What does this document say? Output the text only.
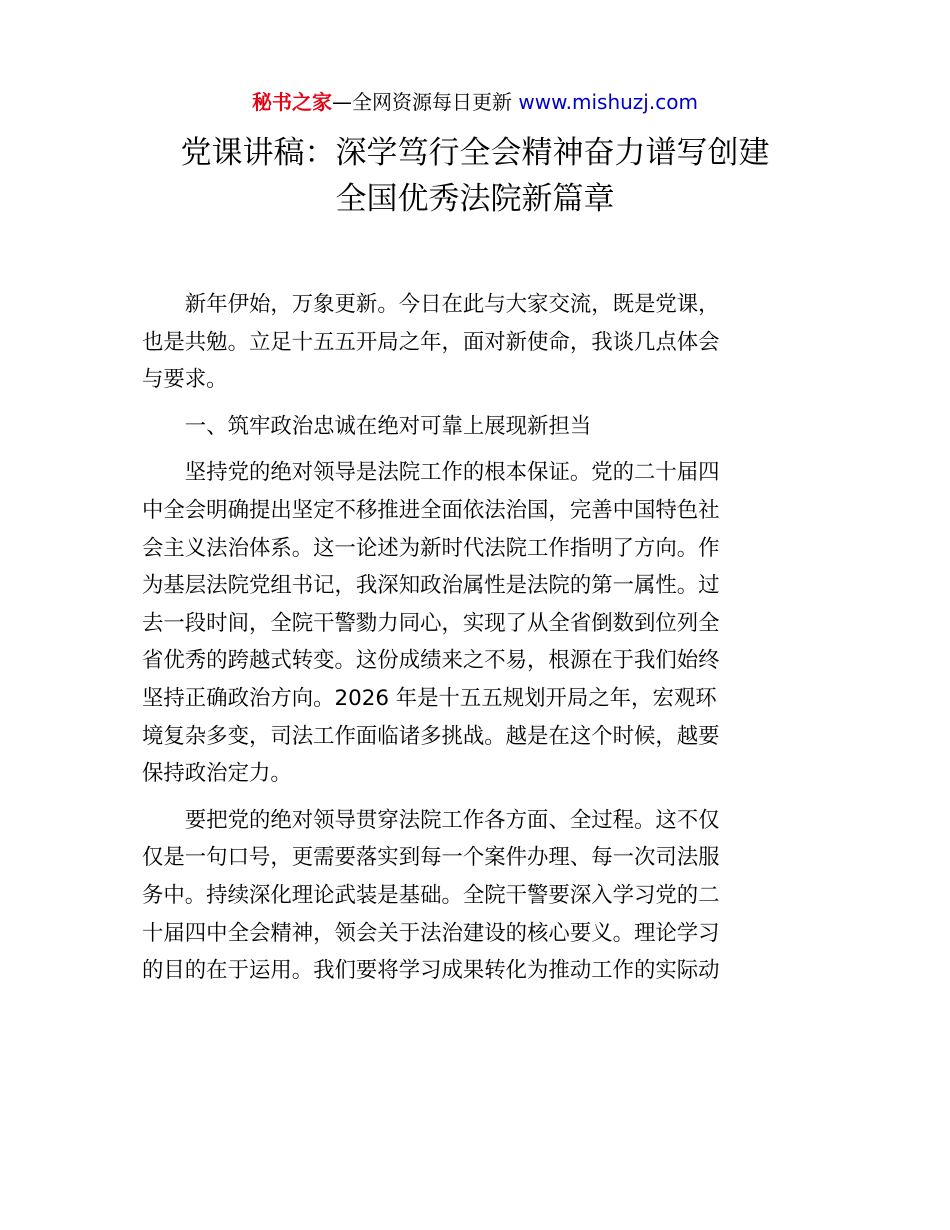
秘书之家—全网资源每日更新 www.mishuzj.com
党课讲稿：深学笃行全会精神奋力谱写创建
全国优秀法院新篇章

新年伊始，万象更新。今日在此与大家交流，既是党课，
也是共勉。立足十五五开局之年，面对新使命，我谈几点体会
与要求。

一、筑牢政治忠诚在绝对可靠上展现新担当

坚持党的绝对领导是法院工作的根本保证。党的二十届四
中全会明确提出坚定不移推进全面依法治国，完善中国特色社
会主义法治体系。这一论述为新时代法院工作指明了方向。作
为基层法院党组书记，我深知政治属性是法院的第一属性。过
去一段时间，全院干警勠力同心，实现了从全省倒数到位列全
省优秀的跨越式转变。这份成绩来之不易，根源在于我们始终
坚持正确政治方向。2026 年是十五五规划开局之年，宏观环
境复杂多变，司法工作面临诸多挑战。越是在这个时候，越要
保持政治定力。

要把党的绝对领导贯穿法院工作各方面、全过程。这不仅
仅是一句口号，更需要落实到每一个案件办理、每一次司法服
务中。持续深化理论武装是基础。全院干警要深入学习党的二
十届四中全会精神，领会关于法治建设的核心要义。理论学习
的目的在于运用。我们要将学习成果转化为推动工作的实际动
